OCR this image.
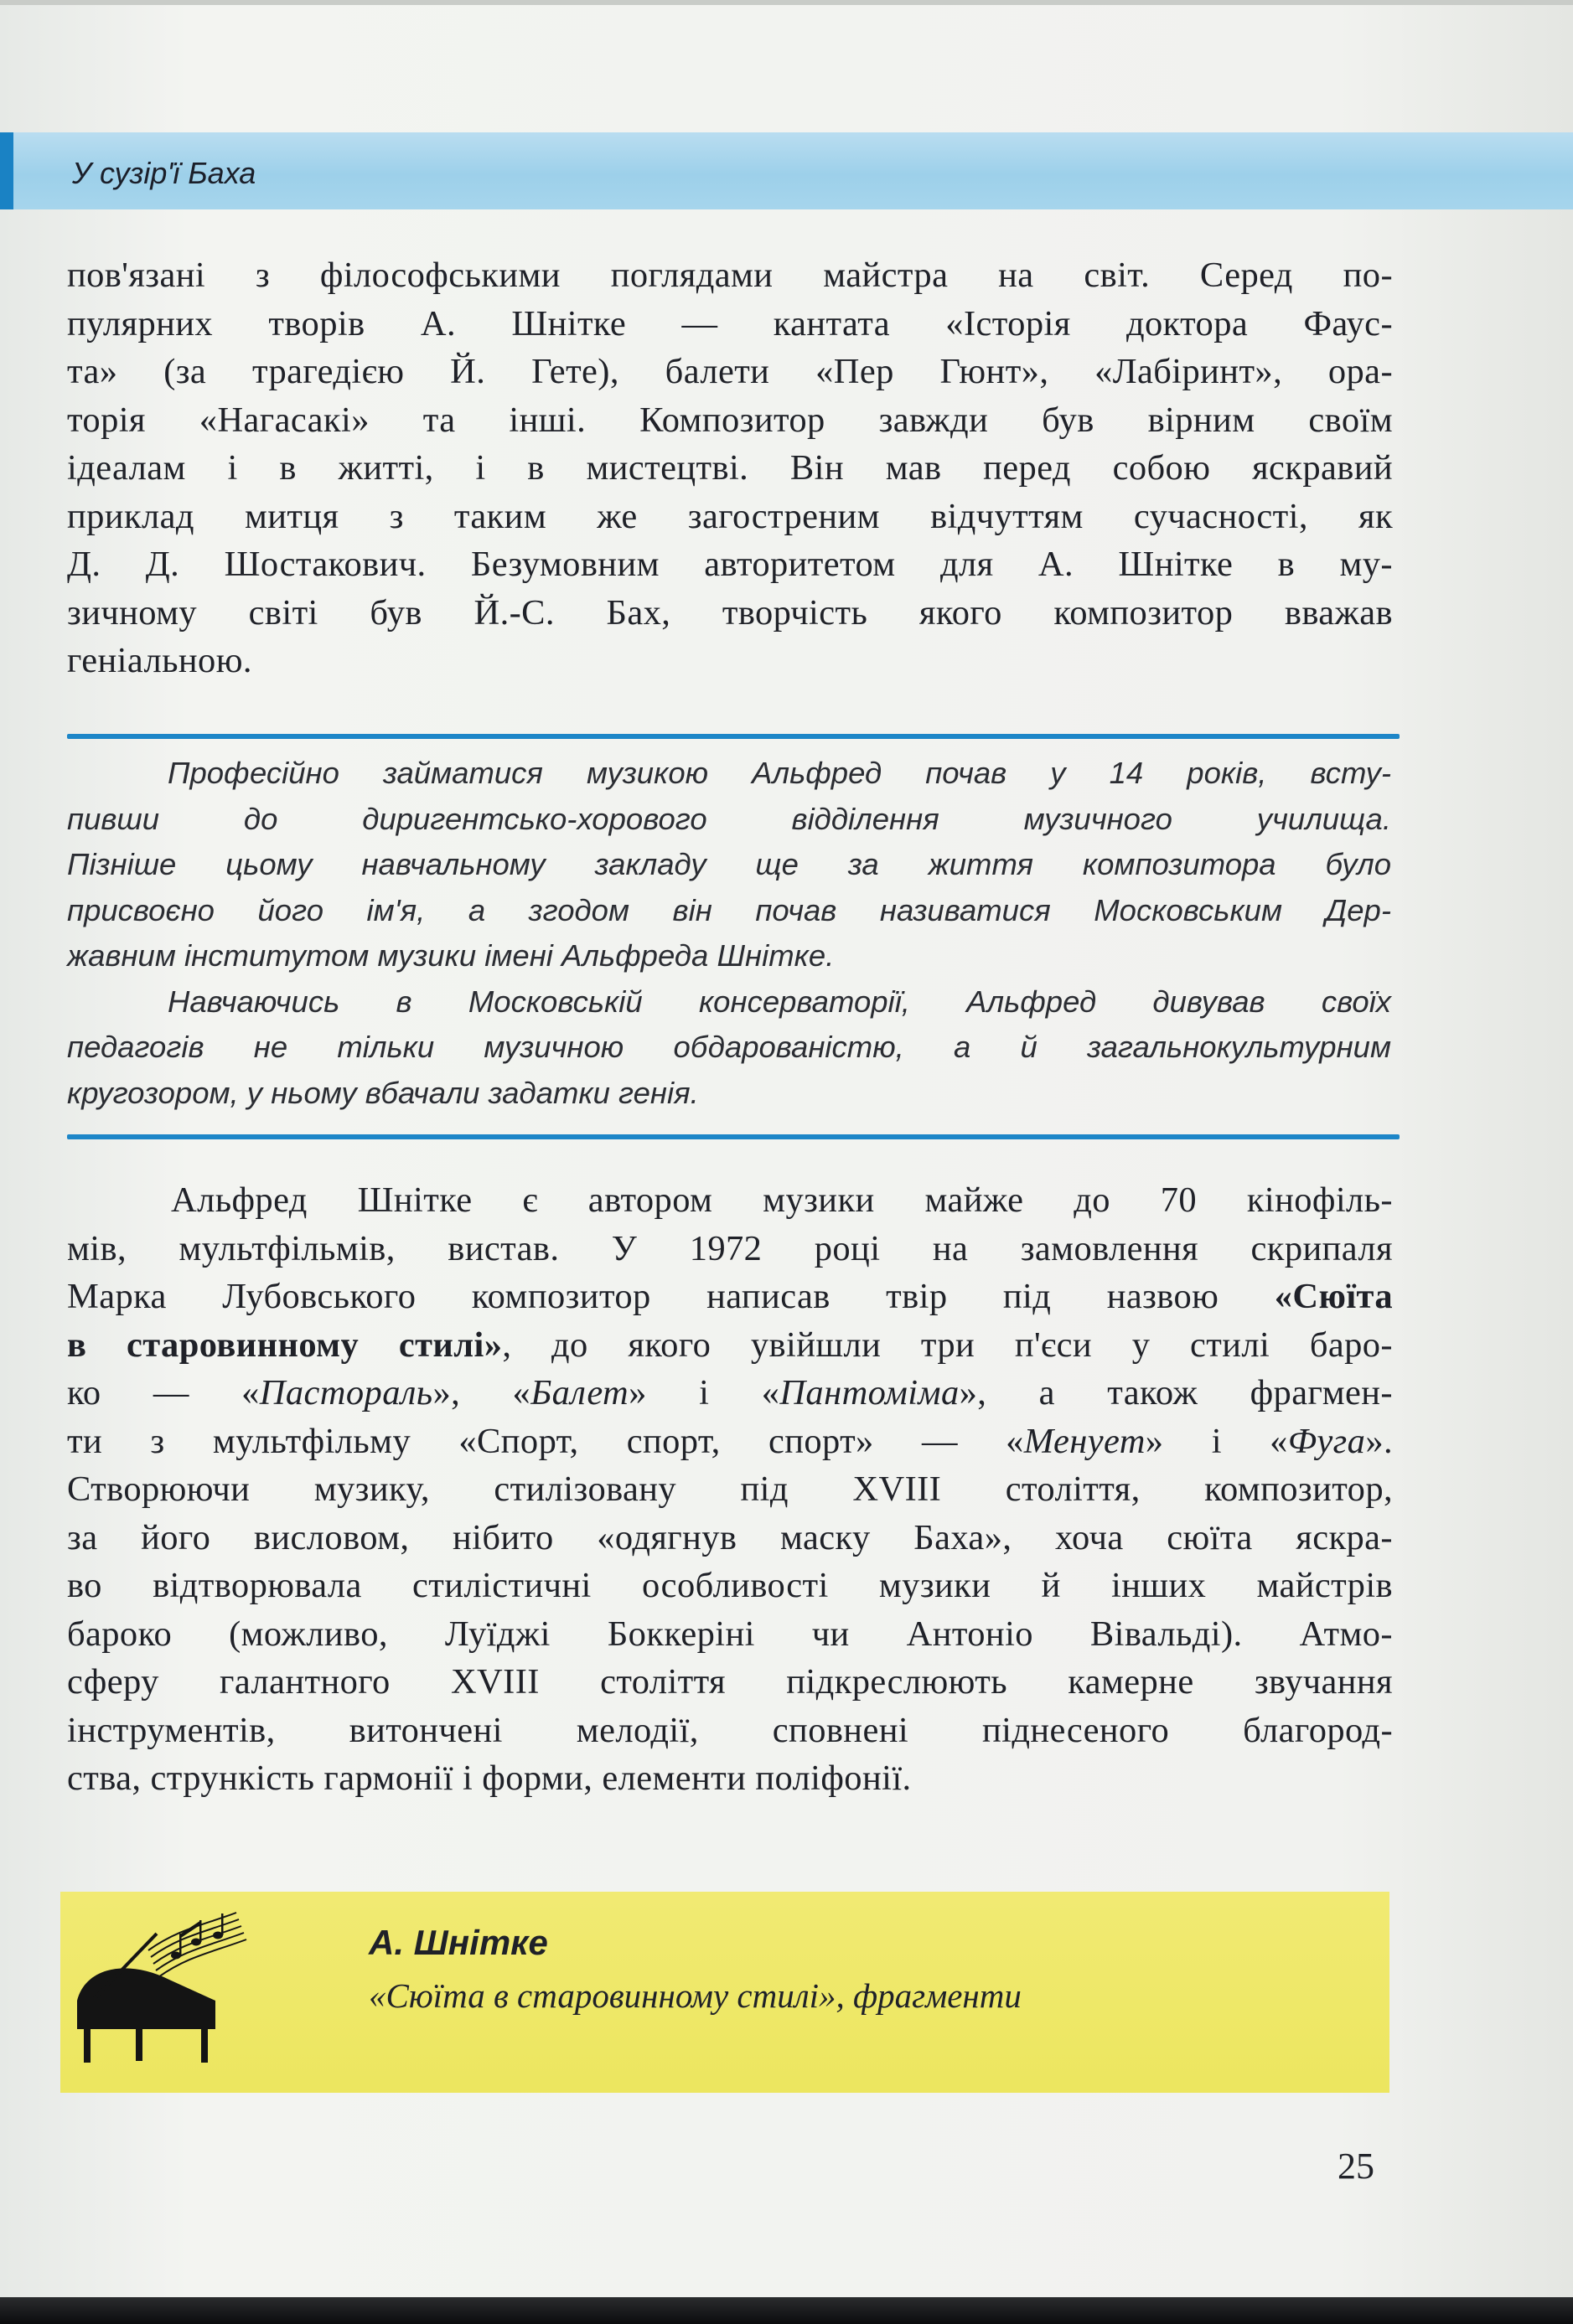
У сузір'ї Баха
пов'язані з філософськими поглядами майстра на світ. Серед по-
пулярних творів А. Шнітке — кантата «Історія доктора Фаус-
та» (за трагедією Й. Гете), балети «Пер Гюнт», «Лабіринт», ора-
торія «Нагасакі» та інші. Композитор завжди був вірним своїм
ідеалам і в житті, і в мистецтві. Він мав перед собою яскравий
приклад митця з таким же загостреним відчуттям сучасності, як
Д. Д. Шостакович. Безумовним авторитетом для А. Шнітке в му-
зичному світі був Й.-С. Бах, творчість якого композитор вважав
геніальною.
Професійно займатися музикою Альфред почав у 14 років, всту-
пивши до диригентсько-хорового відділення музичного училища.
Пізніше цьому навчальному закладу ще за життя композитора було
присвоєно його ім'я, а згодом він почав називатися Московським Дер-
жавним інститутом музики імені Альфреда Шнітке.
Навчаючись в Московській консерваторії, Альфред дивував своїх
педагогів не тільки музичною обдарованістю, а й загальнокультурним
кругозором, у ньому вбачали задатки генія.
Альфред Шнітке є автором музики майже до 70 кінофіль-
мів, мультфільмів, вистав. У 1972 році на замовлення скрипаля
Марка Лубовського композитор написав твір під назвою «Сюїта
в старовинному стилі», до якого увійшли три п'єси у стилі баро-
ко — «Пастораль», «Балет» і «Пантоміма», а також фрагмен-
ти з мультфільму «Спорт, спорт, спорт» — «Менует» і «Фуга».
Створюючи музику, стилізовану під XVIII століття, композитор,
за його висловом, нібито «одягнув маску Баха», хоча сюїта яскра-
во відтворювала стилістичні особливості музики й інших майстрів
бароко (можливо, Луїджі Боккеріні чи Антоніо Вівальді). Атмо-
сферу галантного XVIII століття підкреслюють камерне звучання
інструментів, витончені мелодії, сповнені піднесеного благород-
ства, стрункість гармонії і форми, елементи поліфонії.
А. Шнітке
«Сюїта в старовинному стилі», фрагменти
25
